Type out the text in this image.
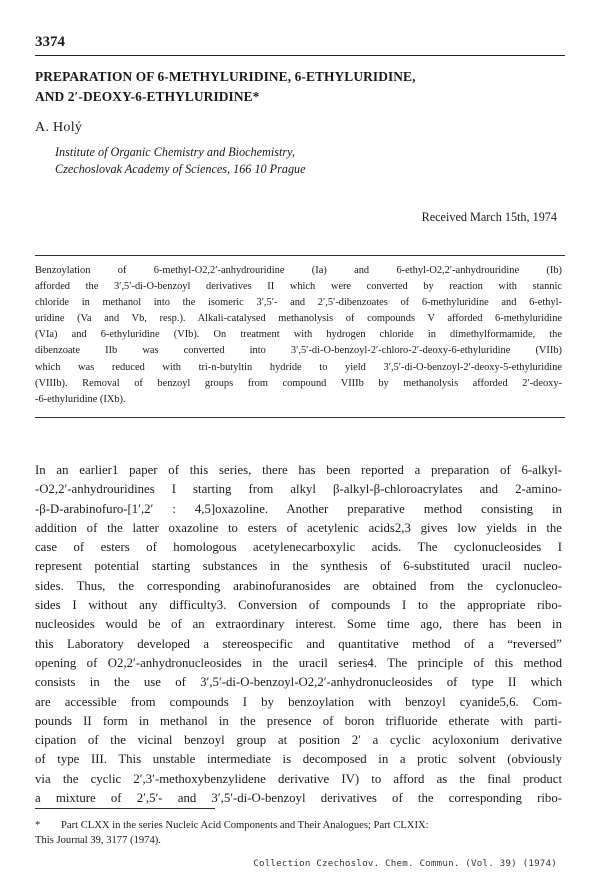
3374
PREPARATION OF 6-METHYLURIDINE, 6-ETHYLURIDINE,
AND 2′-DEOXY-6-ETHYLURIDINE*
A. Holý
Institute of Organic Chemistry and Biochemistry,
Czechoslovak Academy of Sciences, 166 10 Prague
Received March 15th, 1974
Benzoylation of 6-methyl-O2,2′-anhydrouridine (Ia) and 6-ethyl-O2,2′-anhydrouridine (Ib)
afforded the 3′,5′-di-O-benzoyl derivatives II which were converted by reaction with stannic
chloride in methanol into the isomeric 3′,5′- and 2′,5′-dibenzoates of 6-methyluridine and 6-ethyl-
uridine (Va and Vb, resp.). Alkali-catalysed methanolysis of compounds V afforded 6-methyluridine
(VIa) and 6-ethyluridine (VIb). On treatment with hydrogen chloride in dimethylformamide, the
dibenzoate IIb was converted into 3′,5′-di-O-benzoyl-2′-chloro-2′-deoxy-6-ethyluridine (VIIb)
which was reduced with tri-n-butyltin hydride to yield 3′,5′-di-O-benzoyl-2′-deoxy-5-ethyluridine
(VIIIb). Removal of benzoyl groups from compound VIIIb by methanolysis afforded 2′-deoxy-
-6-ethyluridine (IXb).
In an earlier1 paper of this series, there has been reported a preparation of 6-alkyl-
-O2,2′-anhydrouridines I starting from alkyl β-alkyl-β-chloroacrylates and 2-amino-
-β-D-arabinofuro-[1′,2′ : 4,5]oxazoline. Another preparative method consisting in
addition of the latter oxazoline to esters of acetylenic acids2,3 gives low yields in the
case of esters of homologous acetylenecarboxylic acids. The cyclonucleosides I
represent potential starting substances in the synthesis of 6-substituted uracil nucleo-
sides. Thus, the corresponding arabinofuranosides are obtained from the cyclonucleo-
sides I without any difficulty3. Conversion of compounds I to the appropriate ribo-
nucleosides would be of an extraordinary interest. Some time ago, there has been in
this Laboratory developed a stereospecific and quantitative method of a “reversed”
opening of O2,2′-anhydronucleosides in the uracil series4. The principle of this method
consists in the use of 3′,5′-di-O-benzoyl-O2,2′-anhydronucleosides of type II which
are accessible from compounds I by benzoylation with benzoyl cyanide5,6. Com-
pounds II form in methanol in the presence of boron trifluoride etherate with parti-
cipation of the vicinal benzoyl group at position 2′ a cyclic acyloxonium derivative
of type III. This unstable intermediate is decomposed in a protic solvent (obviously
via the cyclic 2′,3′-methoxybenzylidene derivative IV) to afford as the final product
a mixture of 2′,5′- and 3′,5′-di-O-benzoyl derivatives of the corresponding ribo-
* Part CLXX in the series Nucleic Acid Components and Their Analogues; Part CLXIX:
This Journal 39, 3177 (1974).
Collection Czechoslov. Chem. Commun. (Vol. 39) (1974)
